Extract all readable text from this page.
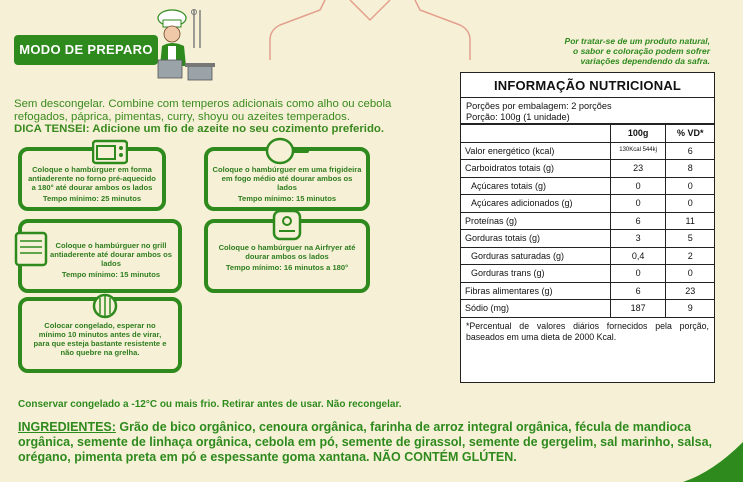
MODO DE PREPARO
Por tratar-se de um produto natural,
o sabor e coloração podem sofrer
variações dependendo da safra.
Sem descongelar. Combine com temperos adicionais como alho ou cebola
refogados, páprica, pimentas, curry, shoyu ou azeites temperados.
DICA TENSEI: Adicione um fio de azeite no seu cozimento preferido.
Coloque o hambúrguer em forma antiaderente no forno pré-aquecido a 180° até dourar ambos os lados
Tempo mínimo: 25 minutos
Coloque o hambúrguer em uma frigideira em fogo médio até dourar ambos os lados
Tempo mínimo: 15 minutos
Coloque o hambúrguer no grill antiaderente até dourar ambos os lados
Tempo mínimo: 15 minutos
Coloque o hambúrguer na Airfryer até dourar ambos os lados
Tempo mínimo: 16 minutos a 180°
Colocar congelado, esperar no mínimo 10 minutos antes de virar, para que esteja bastante resistente e não quebre na grelha.
INFORMAÇÃO NUTRICIONAL
Porções por embalagem: 2 porções
Porção: 100g (1 unidade)
	100g	% VD*
Valor energético (kcal)	130Kcal 544kj	6
Carboidratos totais (g)	23	8
Açúcares totais (g)	0	0
Açúcares adicionados (g)	0	0
Proteínas (g)	6	11
Gorduras totais (g)	3	5
Gorduras saturadas (g)	0,4	2
Gorduras trans (g)	0	0
Fibras alimentares (g)	6	23
Sódio (mg)	187	9
*Percentual de valores diários fornecidos pela porção, baseados em uma dieta de 2000 Kcal.
Conservar congelado a -12°C ou mais frio. Retirar antes de usar. Não recongelar.
INGREDIENTES: Grão de bico orgânico, cenoura orgânica, farinha de arroz integral orgânica, fécula de mandioca orgânica, semente de linhaça orgânica, cebola em pó, semente de girassol, semente de gergelim, sal marinho, salsa, orégano, pimenta preta em pó e espessante goma xantana. NÃO CONTÉM GLÚTEN.
